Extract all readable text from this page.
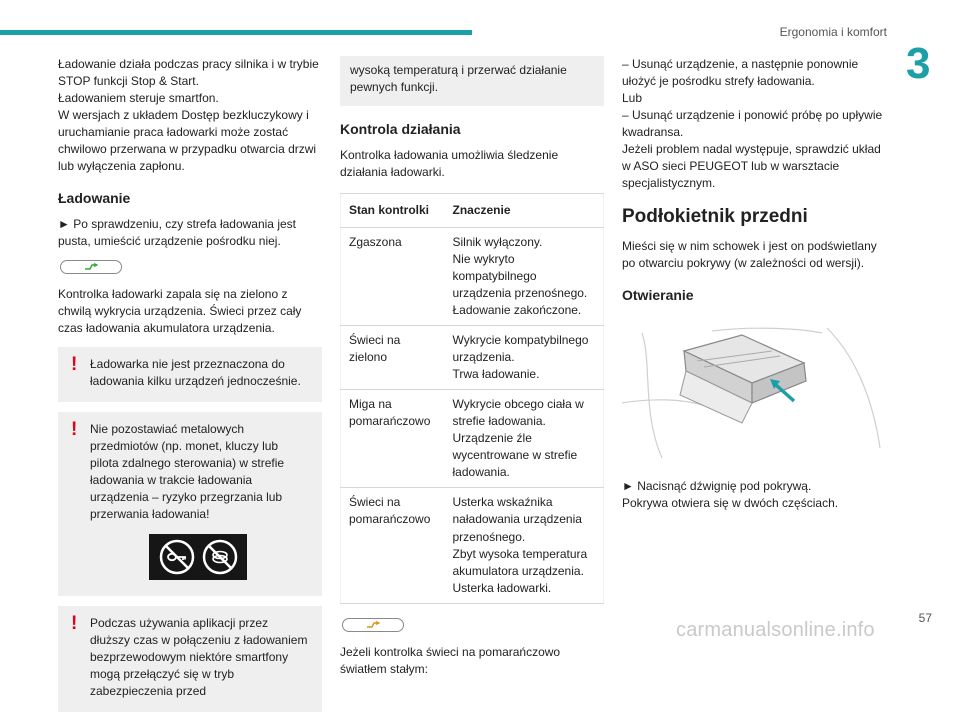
Ergonomia i komfort
3

Ładowanie działa podczas pracy silnika i w trybie STOP funkcji Stop & Start.

Ładowaniem steruje smartfon.

W wersjach z układem Dostęp bezkluczykowy i uruchamianie praca ładowarki może zostać chwilowo przerwana w przypadku otwarcia drzwi lub wyłączenia zapłonu.

Ładowanie

► Po sprawdzeniu, czy strefa ładowania jest pusta, umieścić urządzenie pośrodku niej.

Kontrolka ładowarki zapala się na zielono z chwilą wykrycia urządzenia. Świeci przez cały czas ładowania akumulatora urządzenia.

!	Ładowarka nie jest przeznaczona do ładowania kilku urządzeń jednocześnie.

!	Nie pozostawiać metalowych przedmiotów (np. monet, kluczy lub pilota zdalnego sterowania) w strefie ładowania w trakcie ładowania urządzenia – ryzyko przegrzania lub przerwania ładowania!

!	Podczas używania aplikacji przez dłuższy czas w połączeniu z ładowaniem bezprzewodowym niektóre smartfony mogą przełączyć się w tryb zabezpieczenia przed

wysoką temperaturą i przerwać działanie pewnych funkcji.

Kontrola działania

Kontrolka ładowania umożliwia śledzenie działania ładowarki.

Stan kontrolki	Znaczenie
Zgaszona	Silnik wyłączony.

Nie wykryto kompatybilnego urządzenia przenośnego.

Ładowanie zakończone.

Świeci na zielono	Wykrycie kompatybilnego urządzenia.

Trwa ładowanie.

Miga na pomarańczowo	Wykrycie obcego ciała w strefie ładowania.

Urządzenie źle wycentrowane w strefie ładowania.

Świeci na pomarańczowo	Usterka wskaźnika naładowania urządzenia przenośnego.

Zbyt wysoka temperatura akumulatora urządzenia.

Usterka ładowarki.

Jeżeli kontrolka świeci na pomarańczowo światłem stałym:

– Usunąć urządzenie, a następnie ponownie ułożyć je pośrodku strefy ładowania.

Lub

– Usunąć urządzenie i ponowić próbę po upływie kwadransa.

Jeżeli problem nadal występuje, sprawdzić układ w ASO sieci PEUGEOT lub w warsztacie specjalistycznym.

Podłokietnik przedni

Mieści się w nim schowek i jest on podświetlany po otwarciu pokrywy (w zależności od wersji).

Otwieranie

► Nacisnąć dźwignię pod pokrywą.

Pokrywa otwiera się w dwóch częściach.

57
carmanualsonline.info
